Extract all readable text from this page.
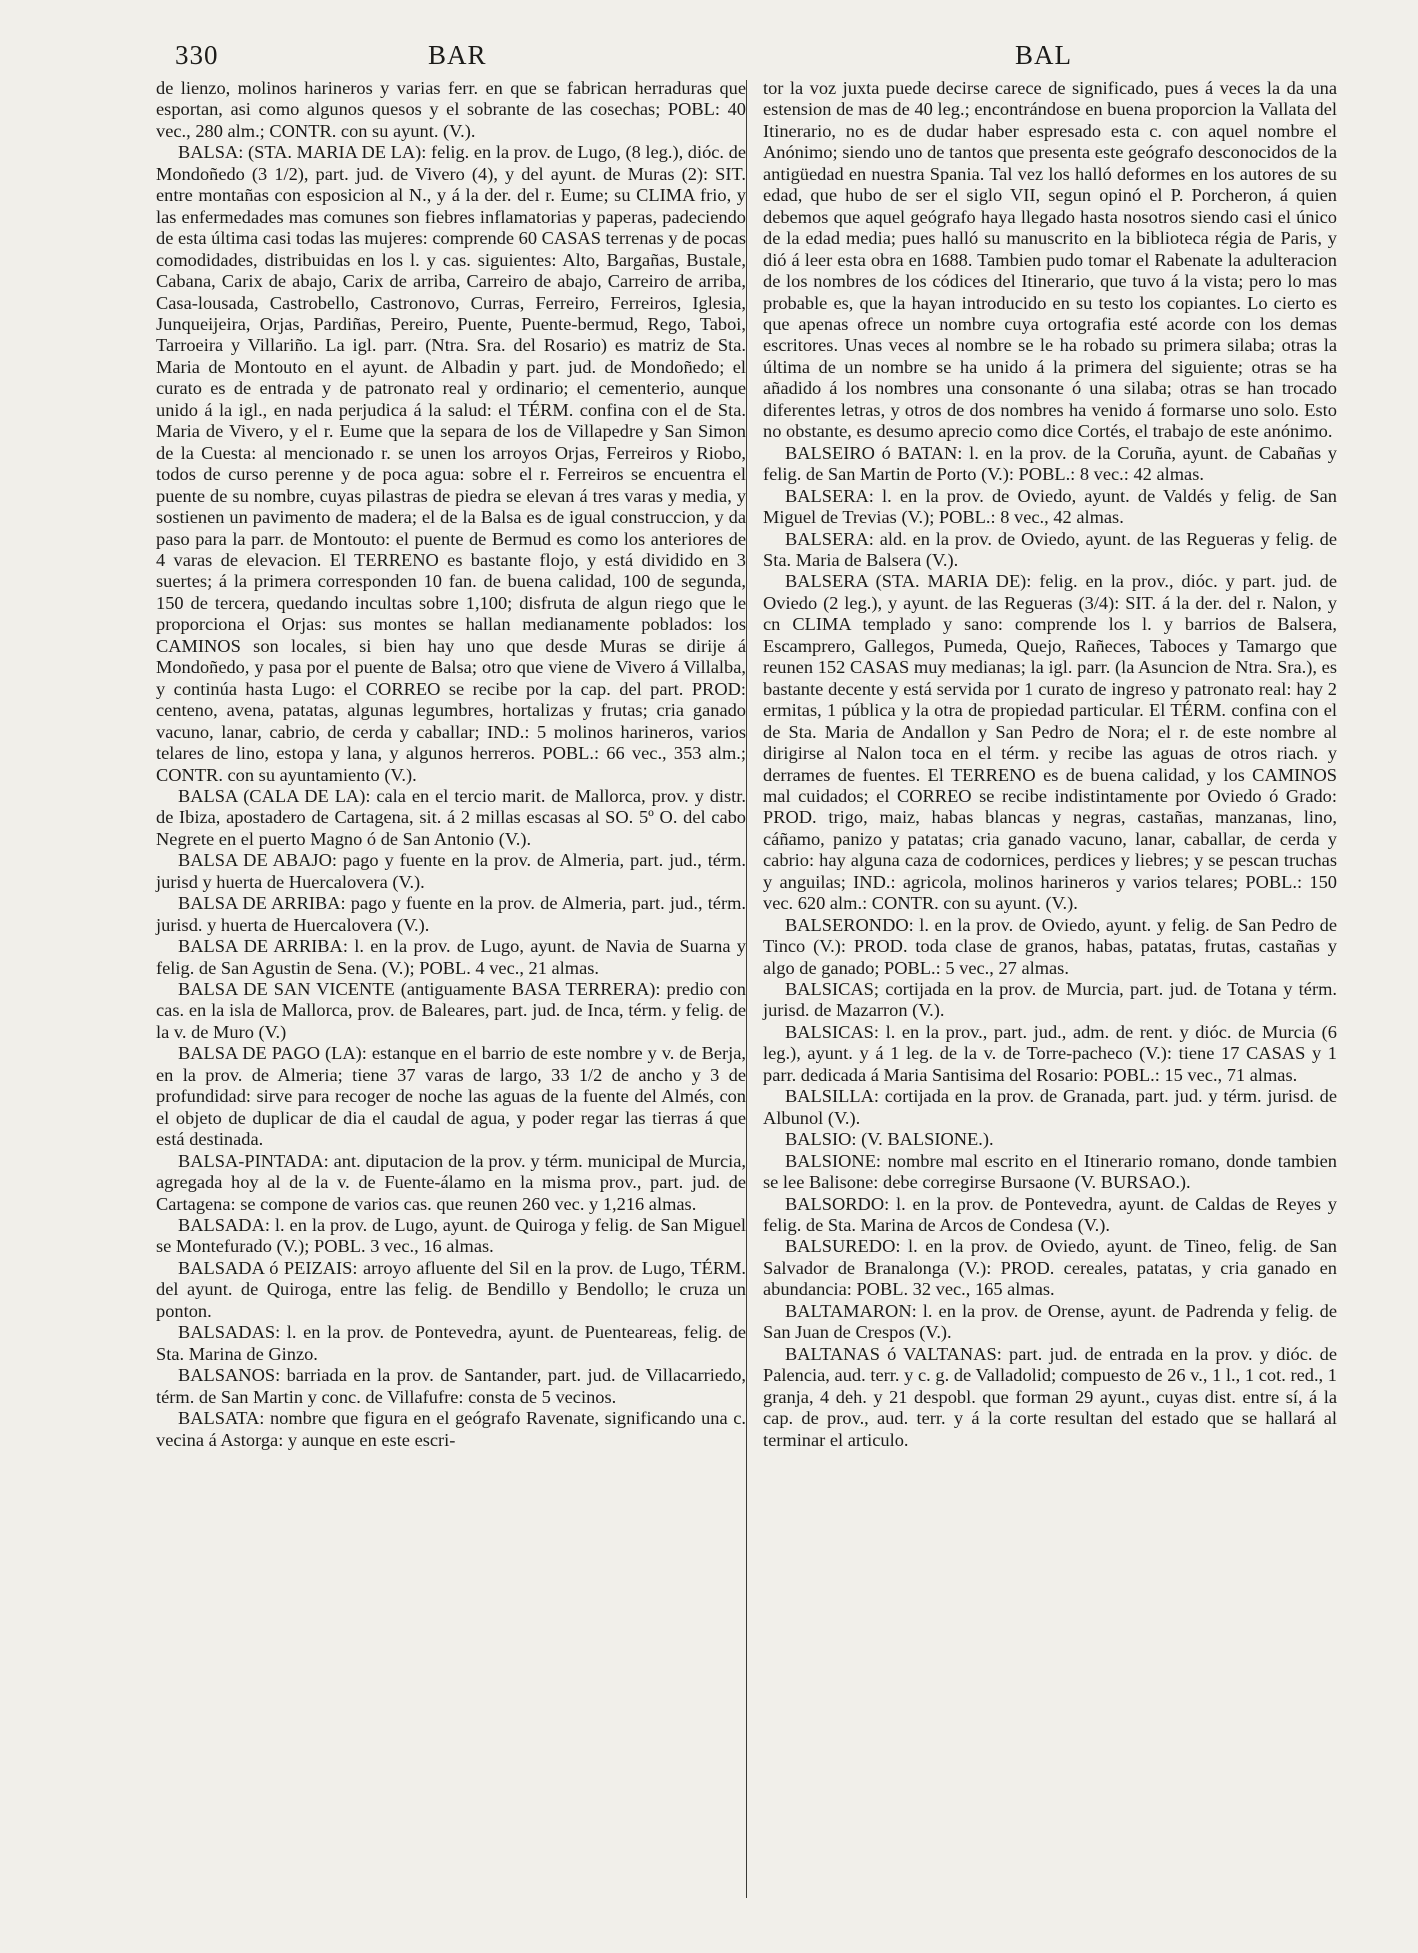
330	BAR	BAL

de lienzo, molinos harineros y varias ferr. en que se fabrican herraduras que esportan, asi como algunos quesos y el sobrante de las cosechas; POBL: 40 vec., 280 alm.; CONTR. con su ayunt. (V.).

BALSA: (STA. MARIA DE LA): felig. en la prov. de Lugo, (8 leg.), dióc. de Mondoñedo (3 1/2), part. jud. de Vivero (4), y del ayunt. de Muras (2): SIT. entre montañas con esposicion al N., y á la der. del r. Eume; su CLIMA frio, y las enfermedades mas comunes son fiebres inflamatorias y paperas, padeciendo de esta última casi todas las mujeres: comprende 60 CASAS terrenas y de pocas comodidades, distribuidas en los l. y cas. siguientes: Alto, Bargañas, Bustale, Cabana, Carix de abajo, Carix de arriba, Carreiro de abajo, Carreiro de arriba, Casa-lousada, Castrobello, Castronovo, Curras, Ferreiro, Ferreiros, Iglesia, Junqueijeira, Orjas, Pardiñas, Pereiro, Puente, Puente-bermud, Rego, Taboi, Tarroeira y Villariño. La igl. parr. (Ntra. Sra. del Rosario) es matriz de Sta. Maria de Montouto en el ayunt. de Albadin y part. jud. de Mondoñedo; el curato es de entrada y de patronato real y ordinario; el cementerio, aunque unido á la igl., en nada perjudica á la salud: el TÉRM. confina con el de Sta. Maria de Vivero, y el r. Eume que la separa de los de Villapedre y San Simon de la Cuesta: al mencionado r. se unen los arroyos Orjas, Ferreiros y Riobo, todos de curso perenne y de poca agua: sobre el r. Ferreiros se encuentra el puente de su nombre, cuyas pilastras de piedra se elevan á tres varas y media, y sostienen un pavimento de madera; el de la Balsa es de igual construccion, y da paso para la parr. de Montouto: el puente de Bermud es como los anteriores de 4 varas de elevacion. El TERRENO es bastante flojo, y está dividido en 3 suertes; á la primera corresponden 10 fan. de buena calidad, 100 de segunda, 150 de tercera, quedando incultas sobre 1,100; disfruta de algun riego que le proporciona el Orjas: sus montes se hallan medianamente poblados: los CAMINOS son locales, si bien hay uno que desde Muras se dirije á Mondoñedo, y pasa por el puente de Balsa; otro que viene de Vivero á Villalba, y continúa hasta Lugo: el CORREO se recibe por la cap. del part. PROD: centeno, avena, patatas, algunas legumbres, hortalizas y frutas; cria ganado vacuno, lanar, cabrio, de cerda y caballar; IND.: 5 molinos harineros, varios telares de lino, estopa y lana, y algunos herreros. POBL.: 66 vec., 353 alm.; CONTR. con su ayuntamiento (V.).

BALSA (CALA DE LA): cala en el tercio marit. de Mallorca, prov. y distr. de Ibiza, apostadero de Cartagena, sit. á 2 millas escasas al SO. 5º O. del cabo Negrete en el puerto Magno ó de San Antonio (V.).

BALSA DE ABAJO: pago y fuente en la prov. de Almeria, part. jud., térm. jurisd y huerta de Huercalovera (V.).

BALSA DE ARRIBA: pago y fuente en la prov. de Almeria, part. jud., térm. jurisd. y huerta de Huercalovera (V.).

BALSA DE ARRIBA: l. en la prov. de Lugo, ayunt. de Navia de Suarna y felig. de San Agustin de Sena. (V.); POBL. 4 vec., 21 almas.

BALSA DE SAN VICENTE (antiguamente BASA TERRERA): predio con cas. en la isla de Mallorca, prov. de Baleares, part. jud. de Inca, térm. y felig. de la v. de Muro (V.)

BALSA DE PAGO (LA): estanque en el barrio de este nombre y v. de Berja, en la prov. de Almeria; tiene 37 varas de largo, 33 1/2 de ancho y 3 de profundidad: sirve para recoger de noche las aguas de la fuente del Almés, con el objeto de duplicar de dia el caudal de agua, y poder regar las tierras á que está destinada.

BALSA-PINTADA: ant. diputacion de la prov. y térm. municipal de Murcia, agregada hoy al de la v. de Fuente-álamo en la misma prov., part. jud. de Cartagena: se compone de varios cas. que reunen 260 vec. y 1,216 almas.

BALSADA: l. en la prov. de Lugo, ayunt. de Quiroga y felig. de San Miguel se Montefurado (V.); POBL. 3 vec., 16 almas.

BALSADA ó PEIZAIS: arroyo afluente del Sil en la prov. de Lugo, TÉRM. del ayunt. de Quiroga, entre las felig. de Bendillo y Bendollo; le cruza un ponton.

BALSADAS: l. en la prov. de Pontevedra, ayunt. de Puenteareas, felig. de Sta. Marina de Ginzo.

BALSANOS: barriada en la prov. de Santander, part. jud. de Villacarriedo, térm. de San Martin y conc. de Villafufre: consta de 5 vecinos.

BALSATA: nombre que figura en el geógrafo Ravenate, significando una c. vecina á Astorga: y aunque en este escri-

tor la voz juxta puede decirse carece de significado, pues á veces la da una estension de mas de 40 leg.; encontrándose en buena proporcion la Vallata del Itinerario, no es de dudar haber espresado esta c. con aquel nombre el Anónimo; siendo uno de tantos que presenta este geógrafo desconocidos de la antigüedad en nuestra Spania. Tal vez los halló deformes en los autores de su edad, que hubo de ser el siglo VII, segun opinó el P. Porcheron, á quien debemos que aquel geógrafo haya llegado hasta nosotros siendo casi el único de la edad media; pues halló su manuscrito en la biblioteca régia de Paris, y dió á leer esta obra en 1688. Tambien pudo tomar el Rabenate la adulteracion de los nombres de los códices del Itinerario, que tuvo á la vista; pero lo mas probable es, que la hayan introducido en su testo los copiantes. Lo cierto es que apenas ofrece un nombre cuya ortografia esté acorde con los demas escritores. Unas veces al nombre se le ha robado su primera silaba; otras la última de un nombre se ha unido á la primera del siguiente; otras se ha añadido á los nombres una consonante ó una silaba; otras se han trocado diferentes letras, y otros de dos nombres ha venido á formarse uno solo. Esto no obstante, es desumo aprecio como dice Cortés, el trabajo de este anónimo.

BALSEIRO ó BATAN: l. en la prov. de la Coruña, ayunt. de Cabañas y felig. de San Martin de Porto (V.): POBL.: 8 vec.: 42 almas.

BALSERA: l. en la prov. de Oviedo, ayunt. de Valdés y felig. de San Miguel de Trevias (V.); POBL.: 8 vec., 42 almas.

BALSERA: ald. en la prov. de Oviedo, ayunt. de las Regueras y felig. de Sta. Maria de Balsera (V.).

BALSERA (STA. MARIA DE): felig. en la prov., dióc. y part. jud. de Oviedo (2 leg.), y ayunt. de las Regueras (3/4): SIT. á la der. del r. Nalon, y cn CLIMA templado y sano: comprende los l. y barrios de Balsera, Escamprero, Gallegos, Pumeda, Quejo, Rañeces, Taboces y Tamargo que reunen 152 CASAS muy medianas; la igl. parr. (la Asuncion de Ntra. Sra.), es bastante decente y está servida por 1 curato de ingreso y patronato real: hay 2 ermitas, 1 pública y la otra de propiedad particular. El TÉRM. confina con el de Sta. Maria de Andallon y San Pedro de Nora; el r. de este nombre al dirigirse al Nalon toca en el térm. y recibe las aguas de otros riach. y derrames de fuentes. El TERRENO es de buena calidad, y los CAMINOS mal cuidados; el CORREO se recibe indistintamente por Oviedo ó Grado: PROD. trigo, maiz, habas blancas y negras, castañas, manzanas, lino, cáñamo, panizo y patatas; cria ganado vacuno, lanar, caballar, de cerda y cabrio: hay alguna caza de codornices, perdices y liebres; y se pescan truchas y anguilas; IND.: agricola, molinos harineros y varios telares; POBL.: 150 vec. 620 alm.: CONTR. con su ayunt. (V.).

BALSERONDO: l. en la prov. de Oviedo, ayunt. y felig. de San Pedro de Tinco (V.): PROD. toda clase de granos, habas, patatas, frutas, castañas y algo de ganado; POBL.: 5 vec., 27 almas.

BALSICAS; cortijada en la prov. de Murcia, part. jud. de Totana y térm. jurisd. de Mazarron (V.).

BALSICAS: l. en la prov., part. jud., adm. de rent. y dióc. de Murcia (6 leg.), ayunt. y á 1 leg. de la v. de Torre-pacheco (V.): tiene 17 CASAS y 1 parr. dedicada á Maria Santisima del Rosario: POBL.: 15 vec., 71 almas.

BALSILLA: cortijada en la prov. de Granada, part. jud. y térm. jurisd. de Albunol (V.).

BALSIO: (V. BALSIONE.).

BALSIONE: nombre mal escrito en el Itinerario romano, donde tambien se lee Balisone: debe corregirse Bursaone (V. BURSAO.).

BALSORDO: l. en la prov. de Pontevedra, ayunt. de Caldas de Reyes y felig. de Sta. Marina de Arcos de Condesa (V.).

BALSUREDO: l. en la prov. de Oviedo, ayunt. de Tineo, felig. de San Salvador de Branalonga (V.): PROD. cereales, patatas, y cria ganado en abundancia: POBL. 32 vec., 165 almas.

BALTAMARON: l. en la prov. de Orense, ayunt. de Padrenda y felig. de San Juan de Crespos (V.).

BALTANAS ó VALTANAS: part. jud. de entrada en la prov. y dióc. de Palencia, aud. terr. y c. g. de Valladolid; compuesto de 26 v., 1 l., 1 cot. red., 1 granja, 4 deh. y 21 despobl. que forman 29 ayunt., cuyas dist. entre sí, á la cap. de prov., aud. terr. y á la corte resultan del estado que se hallará al terminar el articulo.
